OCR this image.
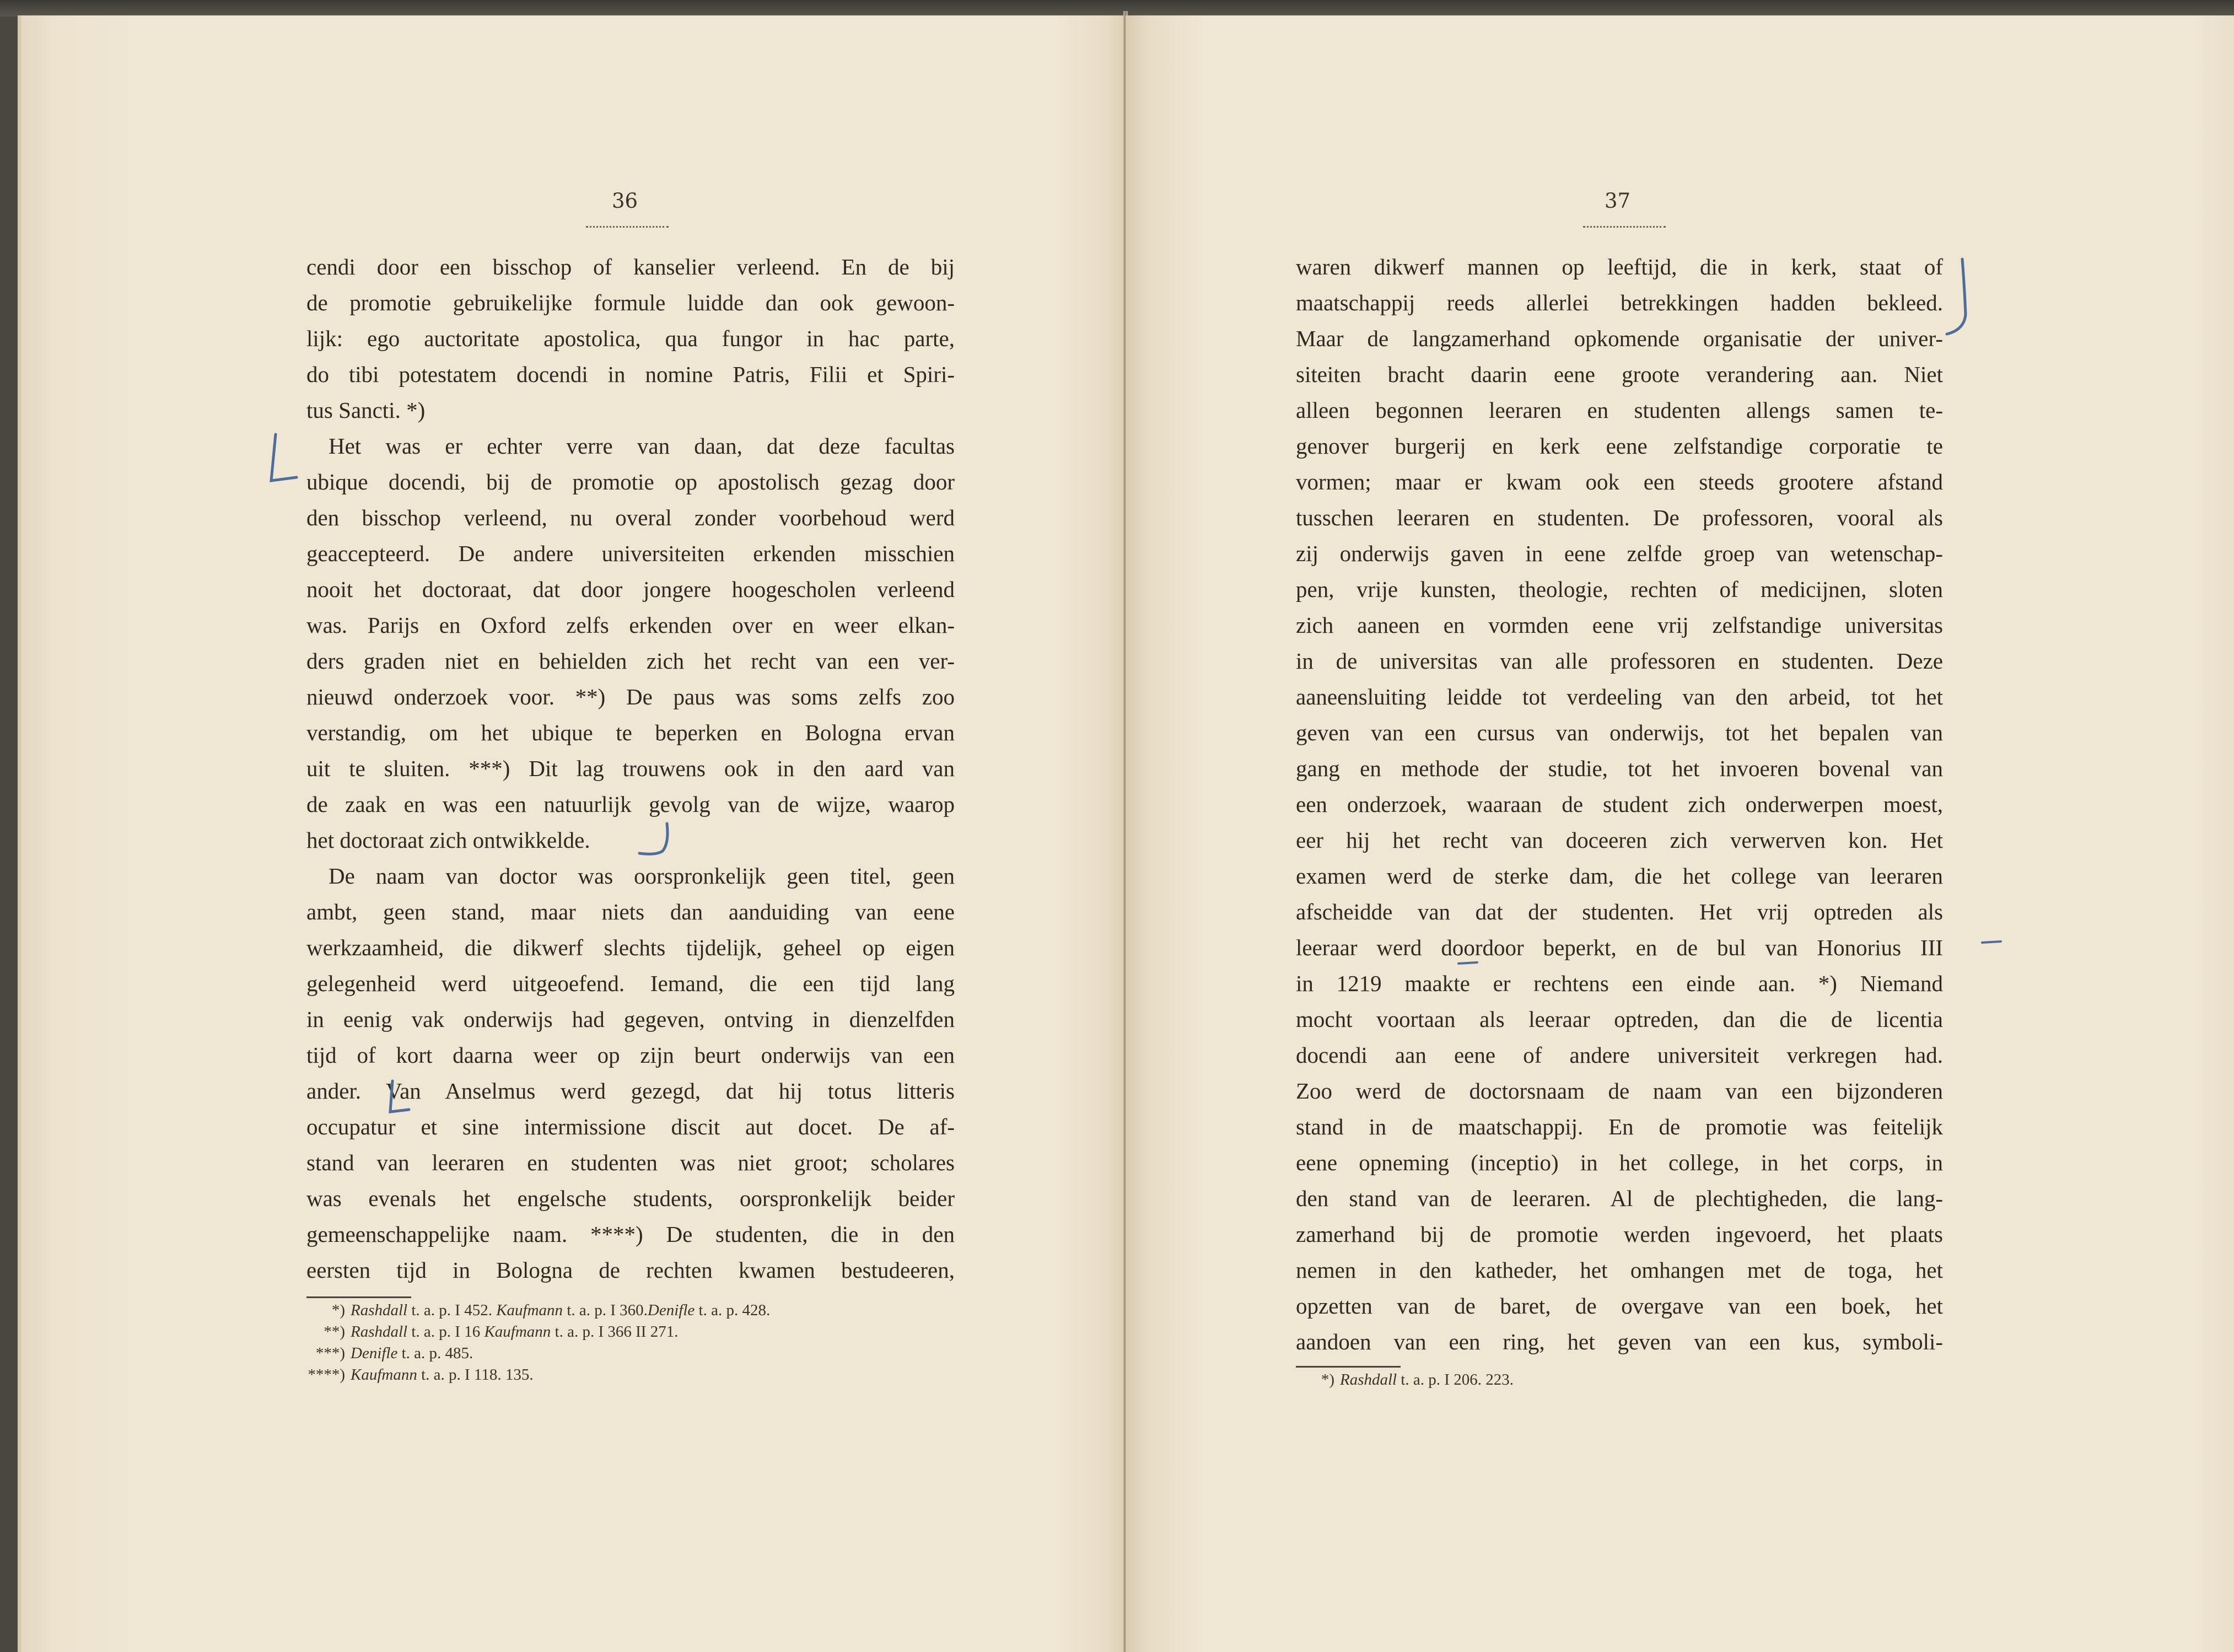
36
cendi door een bisschop of kanselier verleend. En de bij
de promotie gebruikelijke formule luidde dan ook gewoon-
lijk: ego auctoritate apostolica, qua fungor in hac parte,
do tibi potestatem docendi in nomine Patris, Filii et Spiri-
tus Sancti. *)
Het was er echter verre van daan, dat deze facultas
ubique docendi, bij de promotie op apostolisch gezag door
den bisschop verleend, nu overal zonder voorbehoud werd
geaccepteerd. De andere universiteiten erkenden misschien
nooit het doctoraat, dat door jongere hoogescholen verleend
was. Parijs en Oxford zelfs erkenden over en weer elkan-
ders graden niet en behielden zich het recht van een ver-
nieuwd onderzoek voor. **) De paus was soms zelfs zoo
verstandig, om het ubique te beperken en Bologna ervan
uit te sluiten. ***) Dit lag trouwens ook in den aard van
de zaak en was een natuurlijk gevolg van de wijze, waarop
het doctoraat zich ontwikkelde.
De naam van doctor was oorspronkelijk geen titel, geen
ambt, geen stand, maar niets dan aanduiding van eene
werkzaamheid, die dikwerf slechts tijdelijk, geheel op eigen
gelegenheid werd uitgeoefend. Iemand, die een tijd lang
in eenig vak onderwijs had gegeven, ontving in dienzelfden
tijd of kort daarna weer op zijn beurt onderwijs van een
ander. Van Anselmus werd gezegd, dat hij totus litteris
occupatur et sine intermissione discit aut docet. De af-
stand van leeraren en studenten was niet groot; scholares
was evenals het engelsche students, oorspronkelijk beider
gemeenschappelijke naam. ****) De studenten, die in den
eersten tijd in Bologna de rechten kwamen bestudeeren,
*) Rashdall t. a. p. I 452. Kaufmann t. a. p. I 360.Denifle t. a. p. 428.
**) Rashdall t. a. p. I 16 Kaufmann t. a. p. I 366 II 271.
***) Denifle t. a. p. 485.
****) Kaufmann t. a. p. I 118. 135.
37
waren dikwerf mannen op leeftijd, die in kerk, staat of
maatschappij reeds allerlei betrekkingen hadden bekleed.
Maar de langzamerhand opkomende organisatie der univer-
siteiten bracht daarin eene groote verandering aan. Niet
alleen begonnen leeraren en studenten allengs samen te-
genover burgerij en kerk eene zelfstandige corporatie te
vormen; maar er kwam ook een steeds grootere afstand
tusschen leeraren en studenten. De professoren, vooral als
zij onderwijs gaven in eene zelfde groep van wetenschap-
pen, vrije kunsten, theologie, rechten of medicijnen, sloten
zich aaneen en vormden eene vrij zelfstandige universitas
in de universitas van alle professoren en studenten. Deze
aaneensluiting leidde tot verdeeling van den arbeid, tot het
geven van een cursus van onderwijs, tot het bepalen van
gang en methode der studie, tot het invoeren bovenal van
een onderzoek, waaraan de student zich onderwerpen moest,
eer hij het recht van doceeren zich verwerven kon. Het
examen werd de sterke dam, die het college van leeraren
afscheidde van dat der studenten. Het vrij optreden als
leeraar werd doordoor beperkt, en de bul van Honorius III
in 1219 maakte er rechtens een einde aan. *) Niemand
mocht voortaan als leeraar optreden, dan die de licentia
docendi aan eene of andere universiteit verkregen had.
Zoo werd de doctorsnaam de naam van een bijzonderen
stand in de maatschappij. En de promotie was feitelijk
eene opneming (inceptio) in het college, in het corps, in
den stand van de leeraren. Al de plechtigheden, die lang-
zamerhand bij de promotie werden ingevoerd, het plaats
nemen in den katheder, het omhangen met de toga, het
opzetten van de baret, de overgave van een boek, het
aandoen van een ring, het geven van een kus, symboli-
*) Rashdall t. a. p. I 206. 223.
